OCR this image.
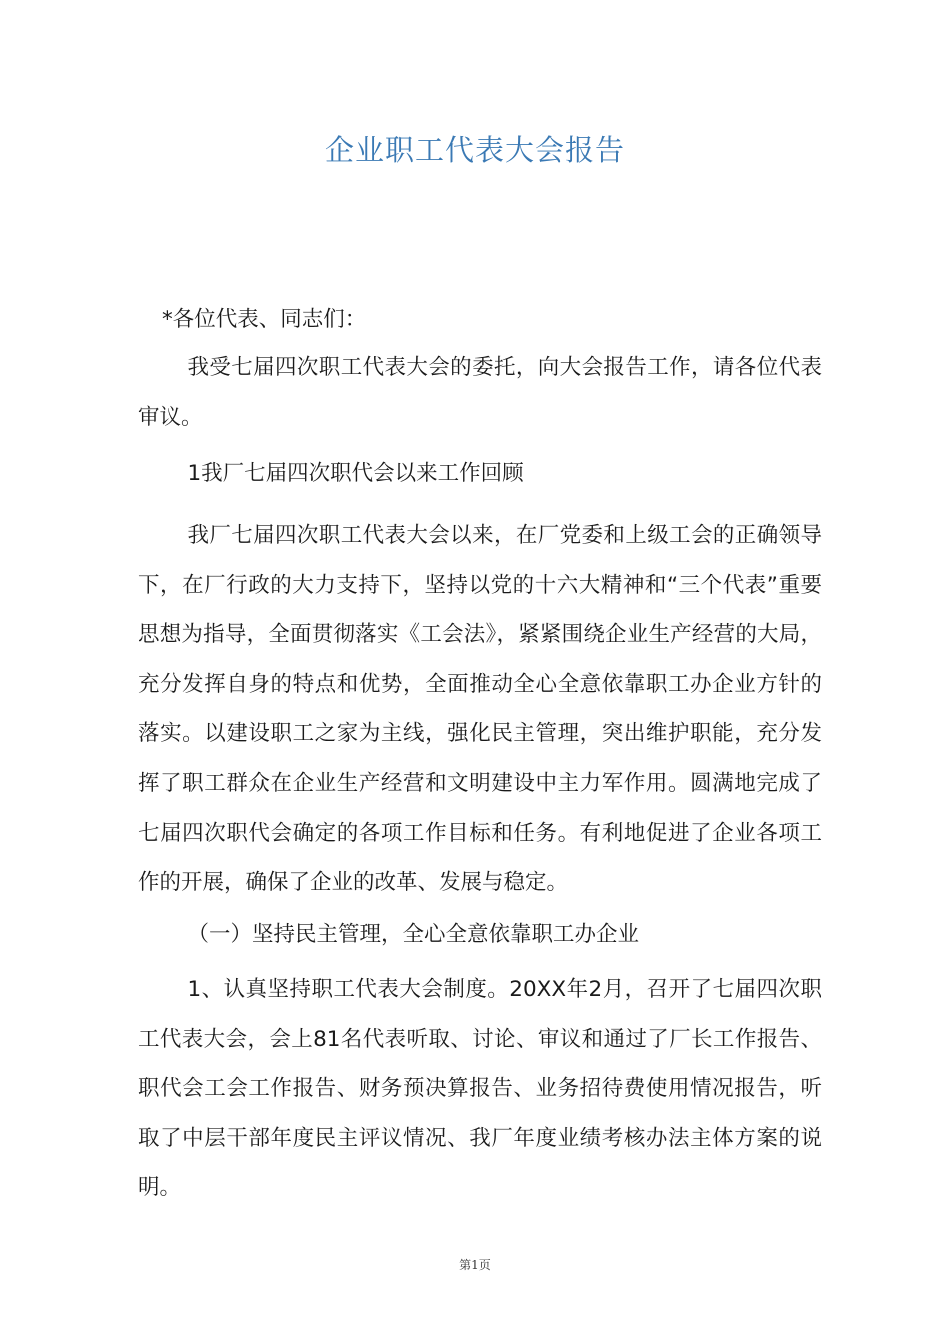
企业职工代表大会报告

*各位代表、同志们：

我受七届四次职工代表大会的委托，向大会报告工作，请各位代表审议。

1我厂七届四次职代会以来工作回顾

我厂七届四次职工代表大会以来，在厂党委和上级工会的正确领导下，在厂行政的大力支持下，坚持以党的十六大精神和“三个代表”重要思想为指导，全面贯彻落实《工会法》，紧紧围绕企业生产经营的大局，充分发挥自身的特点和优势，全面推动全心全意依靠职工办企业方针的落实。以建设职工之家为主线，强化民主管理，突出维护职能，充分发挥了职工群众在企业生产经营和文明建设中主力军作用。圆满地完成了七届四次职代会确定的各项工作目标和任务。有利地促进了企业各项工作的开展，确保了企业的改革、发展与稳定。

（一）坚持民主管理，全心全意依靠职工办企业

1、认真坚持职工代表大会制度。20XX年2月，召开了七届四次职工代表大会，会上81名代表听取、讨论、审议和通过了厂长工作报告、职代会工会工作报告、财务预决算报告、业务招待费使用情况报告，听取了中层干部年度民主评议情况、我厂年度业绩考核办法主体方案的说明。

第1页
